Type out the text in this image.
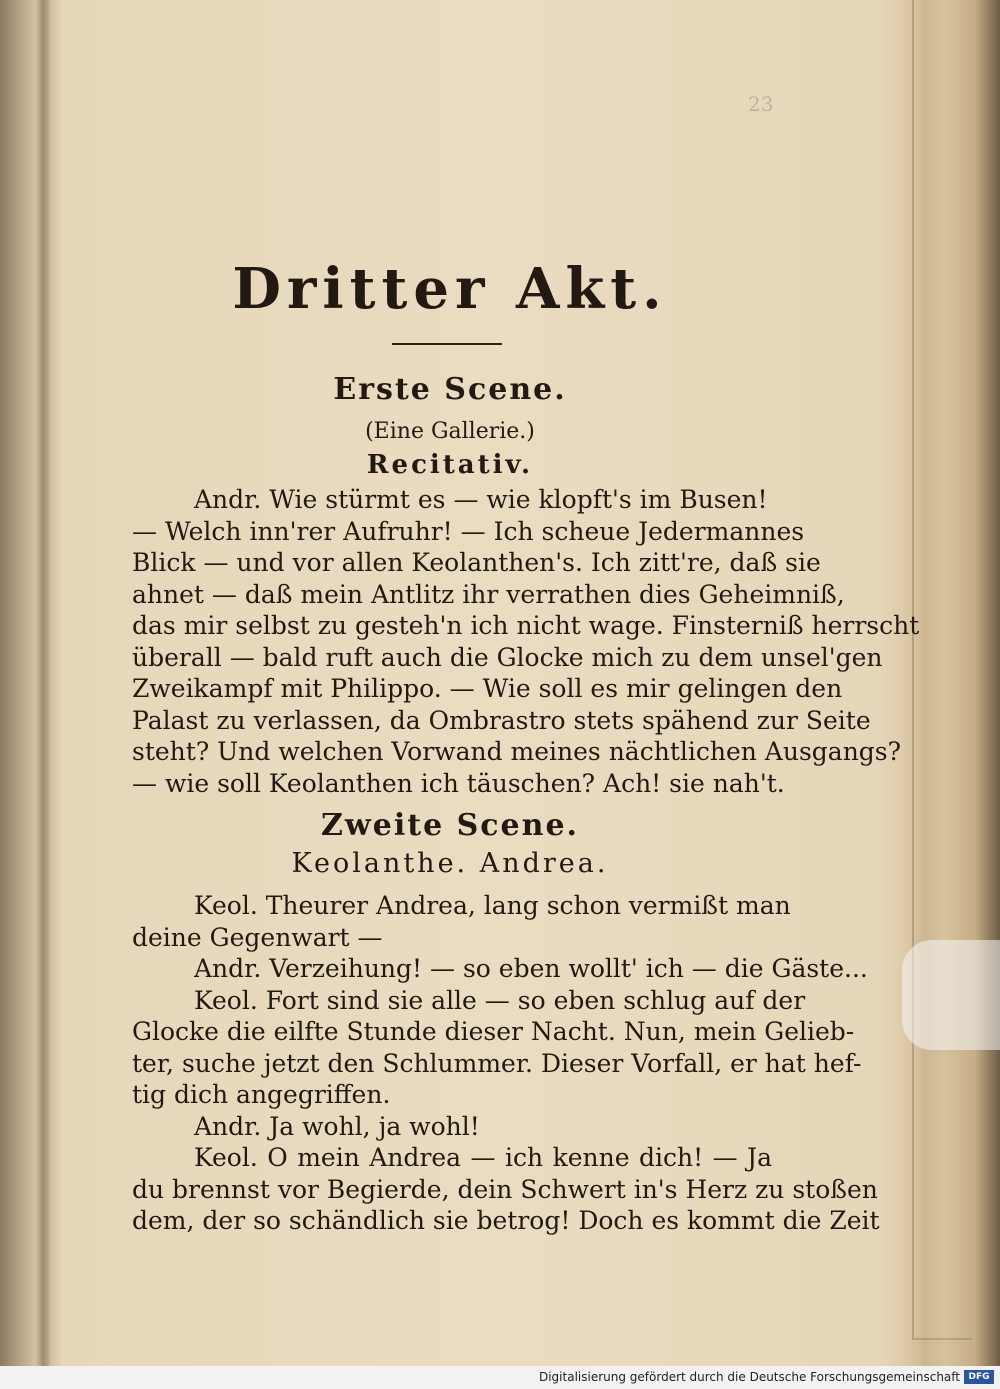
23
Dritter Akt.
Erste Scene.
(Eine Gallerie.)
Recitativ.
Andr. Wie stürmt es — wie klopft's im Busen!
— Welch inn'rer Aufruhr! — Ich scheue Jedermannes
Blick — und vor allen Keolanthen's. Ich zitt're, daß sie
ahnet — daß mein Antlitz ihr verrathen dies Geheimniß,
das mir selbst zu gesteh'n ich nicht wage. Finsterniß herrscht
überall — bald ruft auch die Glocke mich zu dem unsel'gen
Zweikampf mit Philippo. — Wie soll es mir gelingen den
Palast zu verlassen, da Ombrastro stets spähend zur Seite
steht? Und welchen Vorwand meines nächtlichen Ausgangs?
— wie soll Keolanthen ich täuschen? Ach! sie nah't.
Zweite Scene.
Keolanthe. Andrea.
Keol. Theurer Andrea, lang schon vermißt man
deine Gegenwart —
Andr. Verzeihung! — so eben wollt' ich — die Gäste...
Keol. Fort sind sie alle — so eben schlug auf der
Glocke die eilfte Stunde dieser Nacht. Nun, mein Gelieb-
ter, suche jetzt den Schlummer. Dieser Vorfall, er hat hef-
tig dich angegriffen.
Andr. Ja wohl, ja wohl!
Keol. O mein Andrea — ich kenne dich! — Ja
du brennst vor Begierde, dein Schwert in's Herz zu stoßen
dem, der so schändlich sie betrog! Doch es kommt die Zeit
Digitalisierung gefördert durch die Deutsche Forschungsgemeinschaft DFG
